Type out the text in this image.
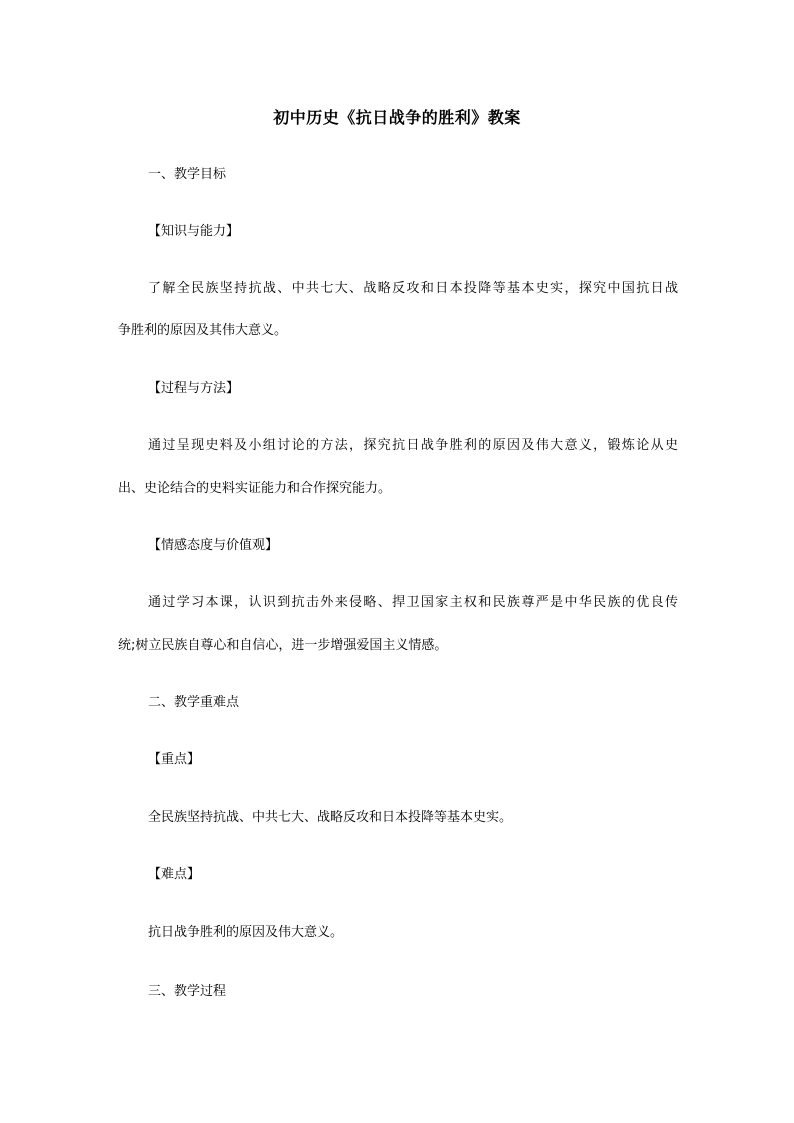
初中历史《抗日战争的胜利》教案
一、教学目标
【知识与能力】
了解全民族坚持抗战、中共七大、战略反攻和日本投降等基本史实，探究中国抗日战
争胜利的原因及其伟大意义。
【过程与方法】
通过呈现史料及小组讨论的方法，探究抗日战争胜利的原因及伟大意义，锻炼论从史
出、史论结合的史料实证能力和合作探究能力。
【情感态度与价值观】
通过学习本课，认识到抗击外来侵略、捍卫国家主权和民族尊严是中华民族的优良传
统;树立民族自尊心和自信心，进一步增强爱国主义情感。
二、教学重难点
【重点】
全民族坚持抗战、中共七大、战略反攻和日本投降等基本史实。
【难点】
抗日战争胜利的原因及伟大意义。
三、教学过程
